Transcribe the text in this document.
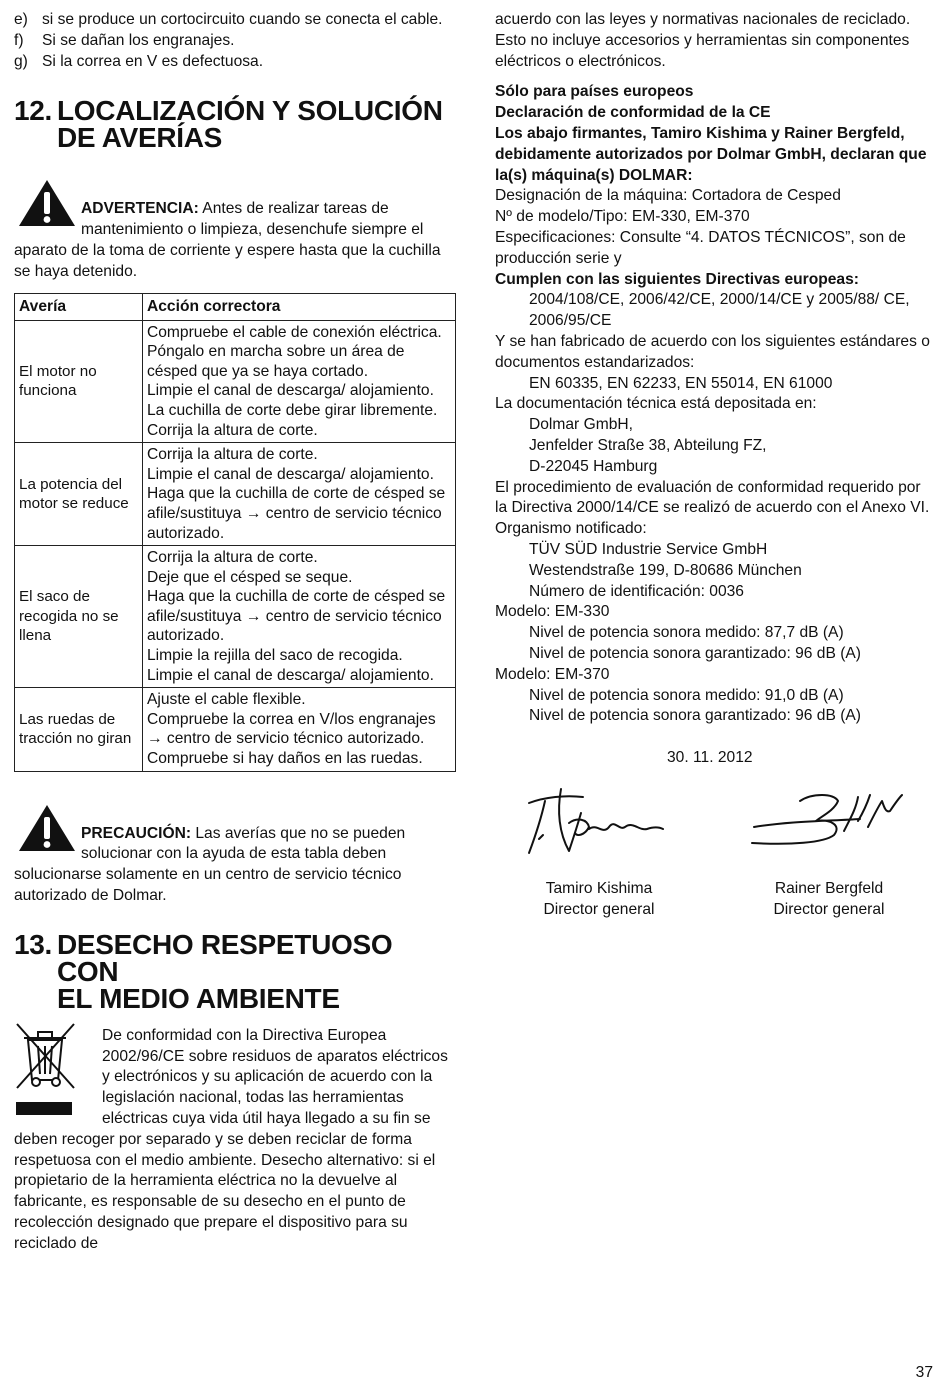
e) si se produce un cortocircuito cuando se conecta el cable.
f)	Si se dañan los engranajes.
g) Si la correa en V es defectuosa.
12. LOCALIZACIÓN Y SOLUCIÓN
DE AVERÍAS
ADVERTENCIA: Antes de realizar tareas de mantenimiento o limpieza, desenchufe siempre el aparato de la toma de corriente y espere hasta que la cuchilla se haya detenido.
Avería	Acción correctora
El motor no funciona	Compruebe el cable de conexión eléctrica.
Póngalo en marcha sobre un área de césped que ya se haya cortado.
Limpie el canal de descarga/ alojamiento. La cuchilla de corte debe girar libremente.
Corrija la altura de corte.

La potencia del motor se reduce	Corrija la altura de corte.
Limpie el canal de descarga/ alojamiento.
Haga que la cuchilla de corte de césped se afile/sustituya → centro de servicio técnico autorizado.

El saco de recogida no se llena	Corrija la altura de corte.
Deje que el césped se seque.
Haga que la cuchilla de corte de césped se afile/sustituya → centro de servicio técnico autorizado.
Limpie la rejilla del saco de recogida.
Limpie el canal de descarga/ alojamiento.

Las ruedas de tracción no giran	Ajuste el cable flexible.
Compruebe la correa en V/los engranajes → centro de servicio técnico autorizado.
Compruebe si hay daños en las ruedas.
PRECAUCIÓN: Las averías que no se pueden solucionar con la ayuda de esta tabla deben solucionarse solamente en un centro de servicio técnico autorizado de Dolmar.
13. DESECHO RESPETUOSO CON
EL MEDIO AMBIENTE
De conformidad con la Directiva Europea 2002/96/CE sobre residuos de aparatos eléctricos y electrónicos y su aplicación de acuerdo con la legislación nacional, todas las herramientas eléctricas cuya vida útil haya llegado a su fin se deben recoger por separado y se deben reciclar de forma respetuosa con el medio ambiente. Desecho alternativo: si el propietario de la herramienta eléctrica no la devuelve al fabricante, es responsable de su desecho en el punto de recolección designado que prepare el dispositivo para su reciclado de
acuerdo con las leyes y normativas nacionales de reciclado.
Esto no incluye accesorios y herramientas sin componentes eléctricos o electrónicos.
Sólo para países europeos
Declaración de conformidad de la CE
Los abajo firmantes, Tamiro Kishima y Rainer Bergfeld, debidamente autorizados por Dolmar GmbH, declaran que la(s) máquina(s) DOLMAR:
Designación de la máquina: Cortadora de Cesped
Nº de modelo/Tipo: EM-330, EM-370
Especificaciones: Consulte “4. DATOS TÉCNICOS”, son de producción serie y
Cumplen con las siguientes Directivas europeas:
2004/108/CE, 2006/42/CE, 2000/14/CE y 2005/88/ CE, 2006/95/CE
Y se han fabricado de acuerdo con los siguientes estándares o documentos estandarizados:
EN 60335, EN 62233, EN 55014, EN 61000
La documentación técnica está depositada en:
Dolmar GmbH,
Jenfelder Straße 38, Abteilung FZ,
D-22045 Hamburg
El procedimiento de evaluación de conformidad requerido por la Directiva 2000/14/CE se realizó de acuerdo con el Anexo VI.
Organismo notificado:
TÜV SÜD Industrie Service GmbH
Westendstraße 199, D-80686 München
Número de identificación: 0036
Modelo: EM-330
Nivel de potencia sonora medido: 87,7 dB (A)
Nivel de potencia sonora garantizado: 96 dB (A)
Modelo: EM-370
Nivel de potencia sonora medido: 91,0 dB (A)
Nivel de potencia sonora garantizado: 96 dB (A)
30. 11. 2012
Tamiro Kishima
Director general
Rainer Bergfeld
Director general
37
